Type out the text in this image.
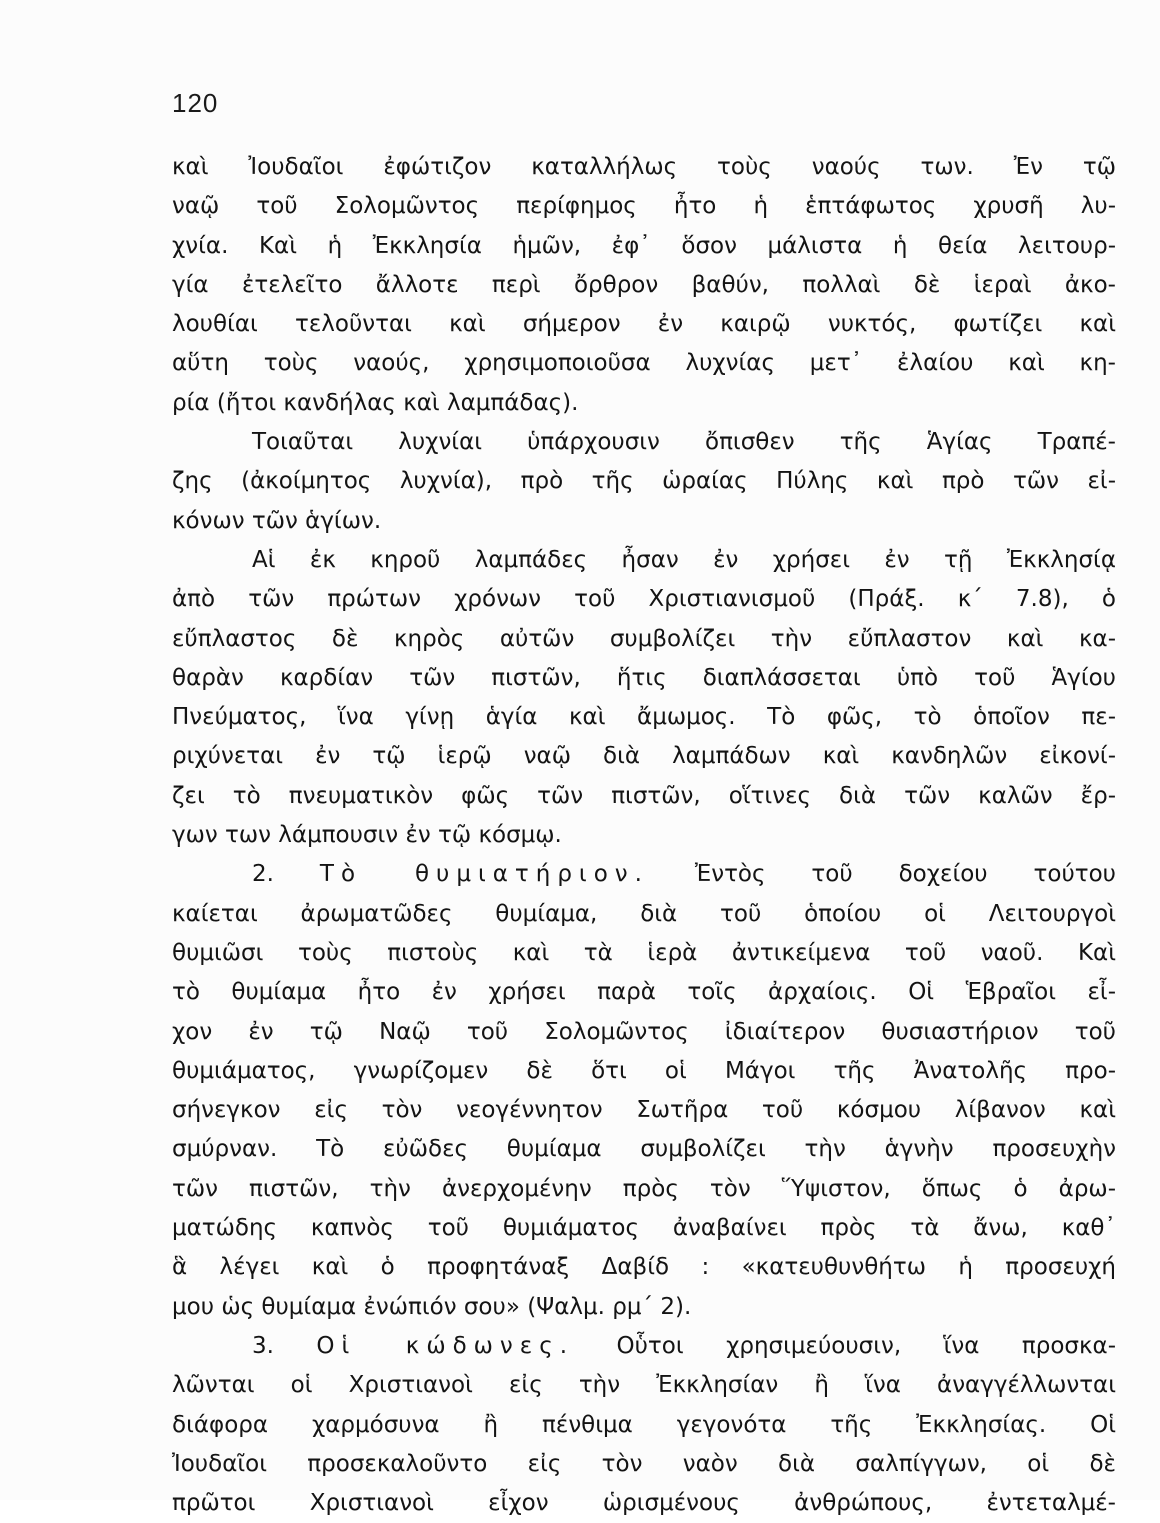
120
καὶ Ἰουδαῖοι ἐφώτιζον καταλλήλως τοὺς ναούς των. Ἐν τῷ
ναῷ τοῦ Σολομῶντος περίφημος ἦτο ἡ ἑπτάφωτος χρυσῆ λυ-
χνία. Καὶ ἡ Ἐκκλησία ἡμῶν, ἐφ᾽ ὅσον μάλιστα ἡ θεία λειτουρ-
γία ἐτελεῖτο ἄλλοτε περὶ ὄρθρον βαθύν, πολλαὶ δὲ ἱεραὶ ἀκο-
λουθίαι τελοῦνται καὶ σήμερον ἐν καιρῷ νυκτός, φωτίζει καὶ
αὕτη τοὺς ναούς, χρησιμοποιοῦσα λυχνίας μετ᾽ ἐλαίου καὶ κη-
ρία (ἤτοι κανδήλας καὶ λαμπάδας).
Τοιαῦται λυχνίαι ὑπάρχουσιν ὄπισθεν τῆς Ἁγίας Τραπέ-
ζης (ἀκοίμητος λυχνία), πρὸ τῆς ὡραίας Πύλης καὶ πρὸ τῶν εἰ-
κόνων τῶν ἁγίων.
Αἱ ἐκ κηροῦ λαμπάδες ἦσαν ἐν χρήσει ἐν τῇ Ἐκκλησίᾳ
ἀπὸ τῶν πρώτων χρόνων τοῦ Χριστιανισμοῦ (Πράξ. κ´ 7.8), ὁ
εὔπλαστος δὲ κηρὸς αὐτῶν συμβολίζει τὴν εὔπλαστον καὶ κα-
θαρὰν καρδίαν τῶν πιστῶν, ἥτις διαπλάσσεται ὑπὸ τοῦ Ἁγίου
Πνεύματος, ἵνα γίνῃ ἁγία καὶ ἄμωμος. Τὸ φῶς, τὸ ὁποῖον πε-
ριχύνεται ἐν τῷ ἱερῷ ναῷ διὰ λαμπάδων καὶ κανδηλῶν εἰκονί-
ζει τὸ πνευματικὸν φῶς τῶν πιστῶν, οἵτινες διὰ τῶν καλῶν ἔρ-
γων των λάμπουσιν ἐν τῷ κόσμῳ.
2. Τὸ θυμιατήριον. Ἐντὸς τοῦ δοχείου τούτου
καίεται ἀρωματῶδες θυμίαμα, διὰ τοῦ ὁποίου οἱ Λειτουργοὶ
θυμιῶσι τοὺς πιστοὺς καὶ τὰ ἱερὰ ἀντικείμενα τοῦ ναοῦ. Καὶ
τὸ θυμίαμα ἦτο ἐν χρήσει παρὰ τοῖς ἀρχαίοις. Οἱ Ἑβραῖοι εἶ-
χον ἐν τῷ Ναῷ τοῦ Σολομῶντος ἰδιαίτερον θυσιαστήριον τοῦ
θυμιάματος, γνωρίζομεν δὲ ὅτι οἱ Μάγοι τῆς Ἀνατολῆς προ-
σήνεγκον εἰς τὸν νεογέννητον Σωτῆρα τοῦ κόσμου λίβανον καὶ
σμύρναν. Τὸ εὐῶδες θυμίαμα συμβολίζει τὴν ἁγνὴν προσευχὴν
τῶν πιστῶν, τὴν ἀνερχομένην πρὸς τὸν Ὕψιστον, ὅπως ὁ ἀρω-
ματώδης καπνὸς τοῦ θυμιάματος ἀναβαίνει πρὸς τὰ ἄνω, καθ᾽
ἃ λέγει καὶ ὁ προφητάναξ Δαβίδ : «κατευθυνθήτω ἡ προσευχή
μου ὡς θυμίαμα ἐνώπιόν σου» (Ψαλμ. ρμ´ 2).
3. Οἱ κώδωνες. Οὗτοι χρησιμεύουσιν, ἵνα προσκα-
λῶνται οἱ Χριστιανοὶ εἰς τὴν Ἐκκλησίαν ἢ ἵνα ἀναγγέλλωνται
διάφορα χαρμόσυνα ἢ πένθιμα γεγονότα τῆς Ἐκκλησίας. Οἱ
Ἰουδαῖοι προσεκαλοῦντο εἰς τὸν ναὸν διὰ σαλπίγγων, οἱ δὲ
πρῶτοι Χριστιανοὶ εἶχον ὡρισμένους ἀνθρώπους, ἐντεταλμέ-
